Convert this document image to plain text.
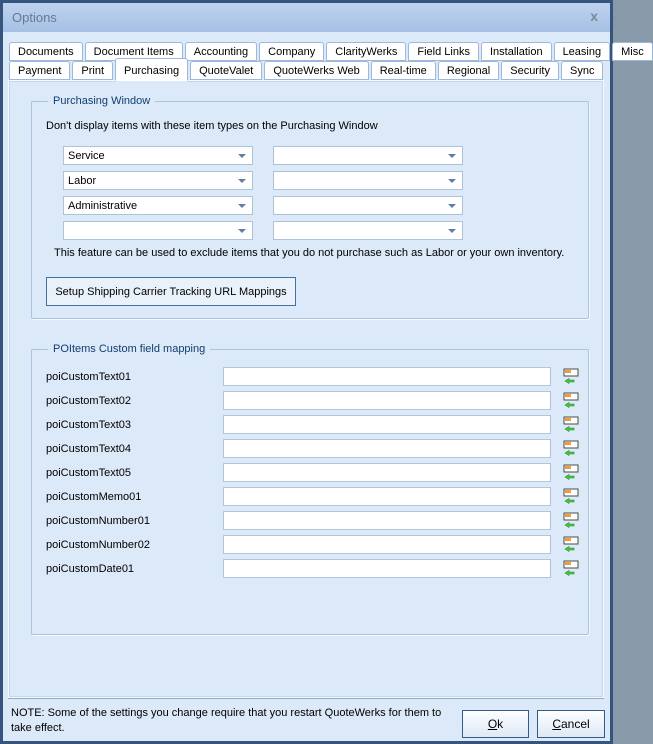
Options	x
Documents	Document Items	Accounting	Company	ClarityWerks	Field Links	Installation	Leasing	Misc
Payment	Print	Purchasing	QuoteValet	QuoteWerks Web	Real-time	Regional	Security	Sync
Purchasing Window
Don't display items with these item types on the Purchasing Window
Service
Labor
Administrative
This feature can be used to exclude items that you do not purchase such as Labor or your own inventory.
Setup Shipping Carrier Tracking URL Mappings
POItems Custom field mapping
poiCustomText01
poiCustomText02
poiCustomText03
poiCustomText04
poiCustomText05
poiCustomMemo01
poiCustomNumber01
poiCustomNumber02
poiCustomDate01
NOTE: Some of the settings you change require that you restart QuoteWerks for them to take effect.	Ok	Cancel
